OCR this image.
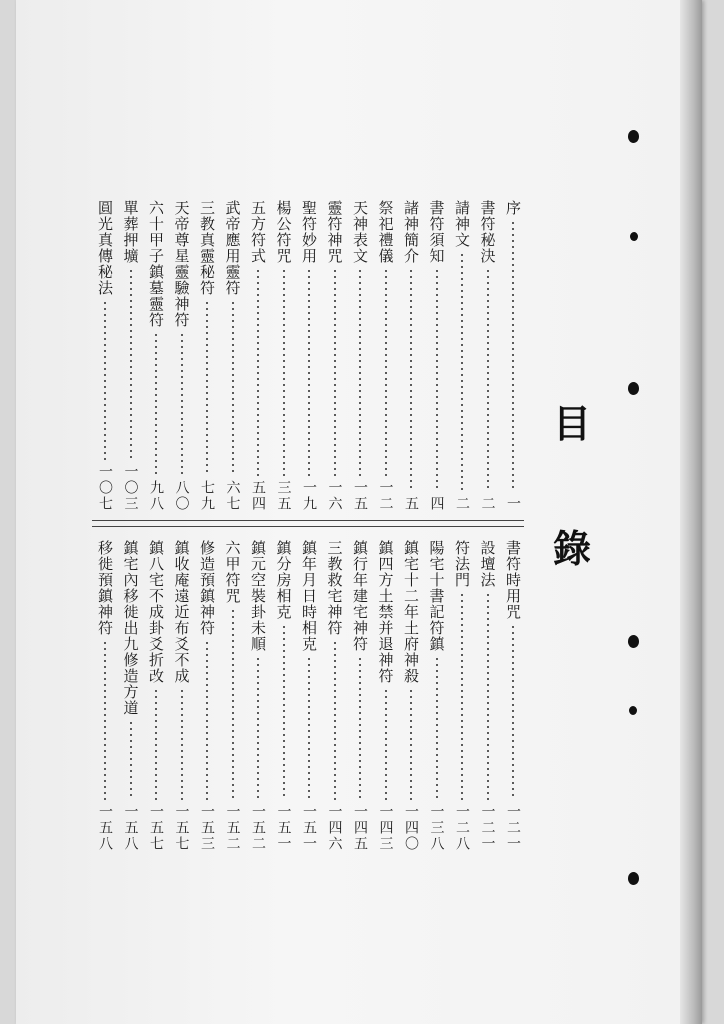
目
錄
序
一
書符秘決
二
請神文
二
書符須知
四
諸神簡介
五
祭祀禮儀
一二
天神表文
一五
靈符神咒
一六
聖符妙用
一九
楊公符咒
三五
五方符式
五四
武帝應用靈符
六七
三教真靈秘符
七九
天帝尊星靈驗神符
八〇
六十甲子鎮墓靈符
九八
單葬押壙
一〇三
圓光真傳秘法
一〇七
書符時用咒
一二一
設壇法
一二一
符法門
一二八
陽宅十書記符鎮
一三八
鎮宅十二年土府神殺
一四〇
鎮四方土禁并退神符
一四三
鎮行年建宅神符
一四五
三教救宅神符
一四六
鎮年月日時相克
一五一
鎮分房相克
一五一
鎮元空裝卦未順
一五二
六甲符咒
一五二
修造預鎮神符
一五三
鎮收庵遠近布爻不成
一五七
鎮八宅不成卦爻折改
一五七
鎮宅內移徙出九修造方道
一五八
移徙預鎮神符
一五八
